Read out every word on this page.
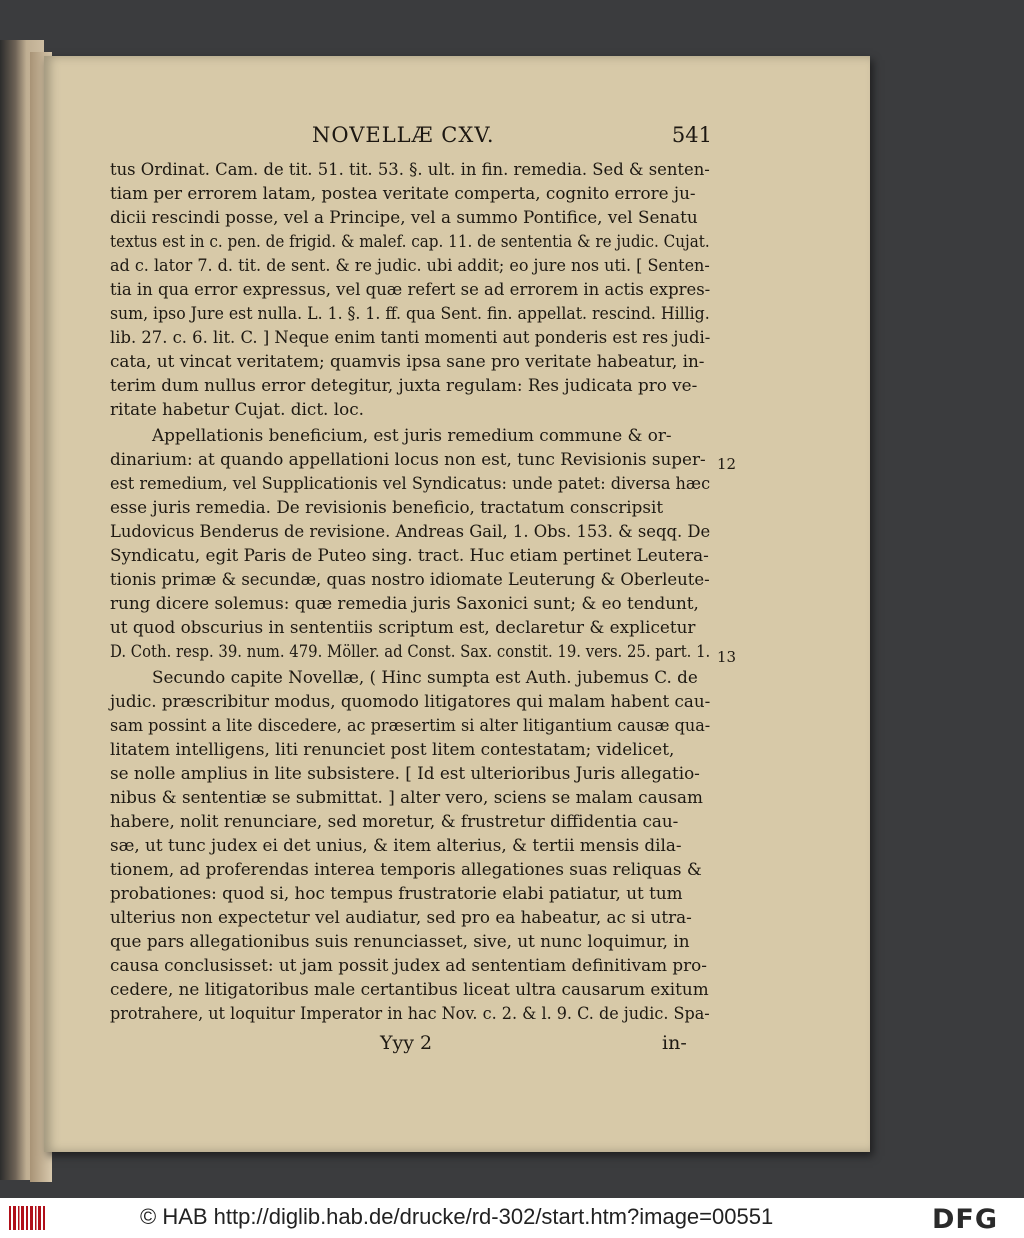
NOVELLÆ CXV.	541
tus Ordinat. Cam. de tit. 51. tit. 53. §. ult. in fin. remedia. Sed & senten-
tiam per errorem latam, postea veritate comperta, cognito errore ju-
dicii rescindi posse, vel a Principe, vel a summo Pontifice, vel Senatu
textus est in c. pen. de frigid. & malef. cap. 11. de sententia & re judic. Cujat.
ad c. lator 7. d. tit. de sent. & re judic. ubi addit; eo jure nos uti. [ Senten-
tia in qua error expressus, vel quæ refert se ad errorem in actis expres-
sum, ipso Jure est nulla. L. 1. §. 1. ff. qua Sent. fin. appellat. rescind. Hillig.
lib. 27. c. 6. lit. C. ] Neque enim tanti momenti aut ponderis est res judi-
cata, ut vincat veritatem; quamvis ipsa sane pro veritate habeatur, in-
terim dum nullus error detegitur, juxta regulam: Res judicata pro ve-
ritate habetur Cujat. dict. loc.
Appellationis beneficium, est juris remedium commune & or-
dinarium: at quando appellationi locus non est, tunc Revisionis super-
est remedium, vel Supplicationis vel Syndicatus: unde patet: diversa hæc
esse juris remedia. De revisionis beneficio, tractatum conscripsit
Ludovicus Benderus de revisione. Andreas Gail, 1. Obs. 153. & seqq. De
Syndicatu, egit Paris de Puteo sing. tract. Huc etiam pertinet Leutera-
tionis primæ & secundæ, quas nostro idiomate Leuterung & Oberleute-
rung dicere solemus: quæ remedia juris Saxonici sunt; & eo tendunt,
ut quod obscurius in sententiis scriptum est, declaretur & explicetur
D. Coth. resp. 39. num. 479. Möller. ad Const. Sax. constit. 19. vers. 25. part. 1.
Secundo capite Novellæ, ( Hinc sumpta est Auth. jubemus C. de
judic. præscribitur modus, quomodo litigatores qui malam habent cau-
sam possint a lite discedere, ac præsertim si alter litigantium causæ qua-
litatem intelligens, liti renunciet post litem contestatam; videlicet,
se nolle amplius in lite subsistere. [ Id est ulterioribus Juris allegatio-
nibus & sententiæ se submittat. ] alter vero, sciens se malam causam
habere, nolit renunciare, sed moretur, & frustretur diffidentia cau-
sæ, ut tunc judex ei det unius, & item alterius, & tertii mensis dila-
tionem, ad proferendas interea temporis allegationes suas reliquas &
probationes: quod si, hoc tempus frustratorie elabi patiatur, ut tum
ulterius non expectetur vel audiatur, sed pro ea habeatur, ac si utra-
que pars allegationibus suis renunciasset, sive, ut nunc loquimur, in
causa conclusisset: ut jam possit judex ad sententiam definitivam pro-
cedere, ne litigatoribus male certantibus liceat ultra causarum exitum
protrahere, ut loquitur Imperator in hac Nov. c. 2. & l. 9. C. de judic. Spa-
12
13
Yyy 2	in-
© HAB http://diglib.hab.de/drucke/rd-302/start.htm?image=00551	DFG
